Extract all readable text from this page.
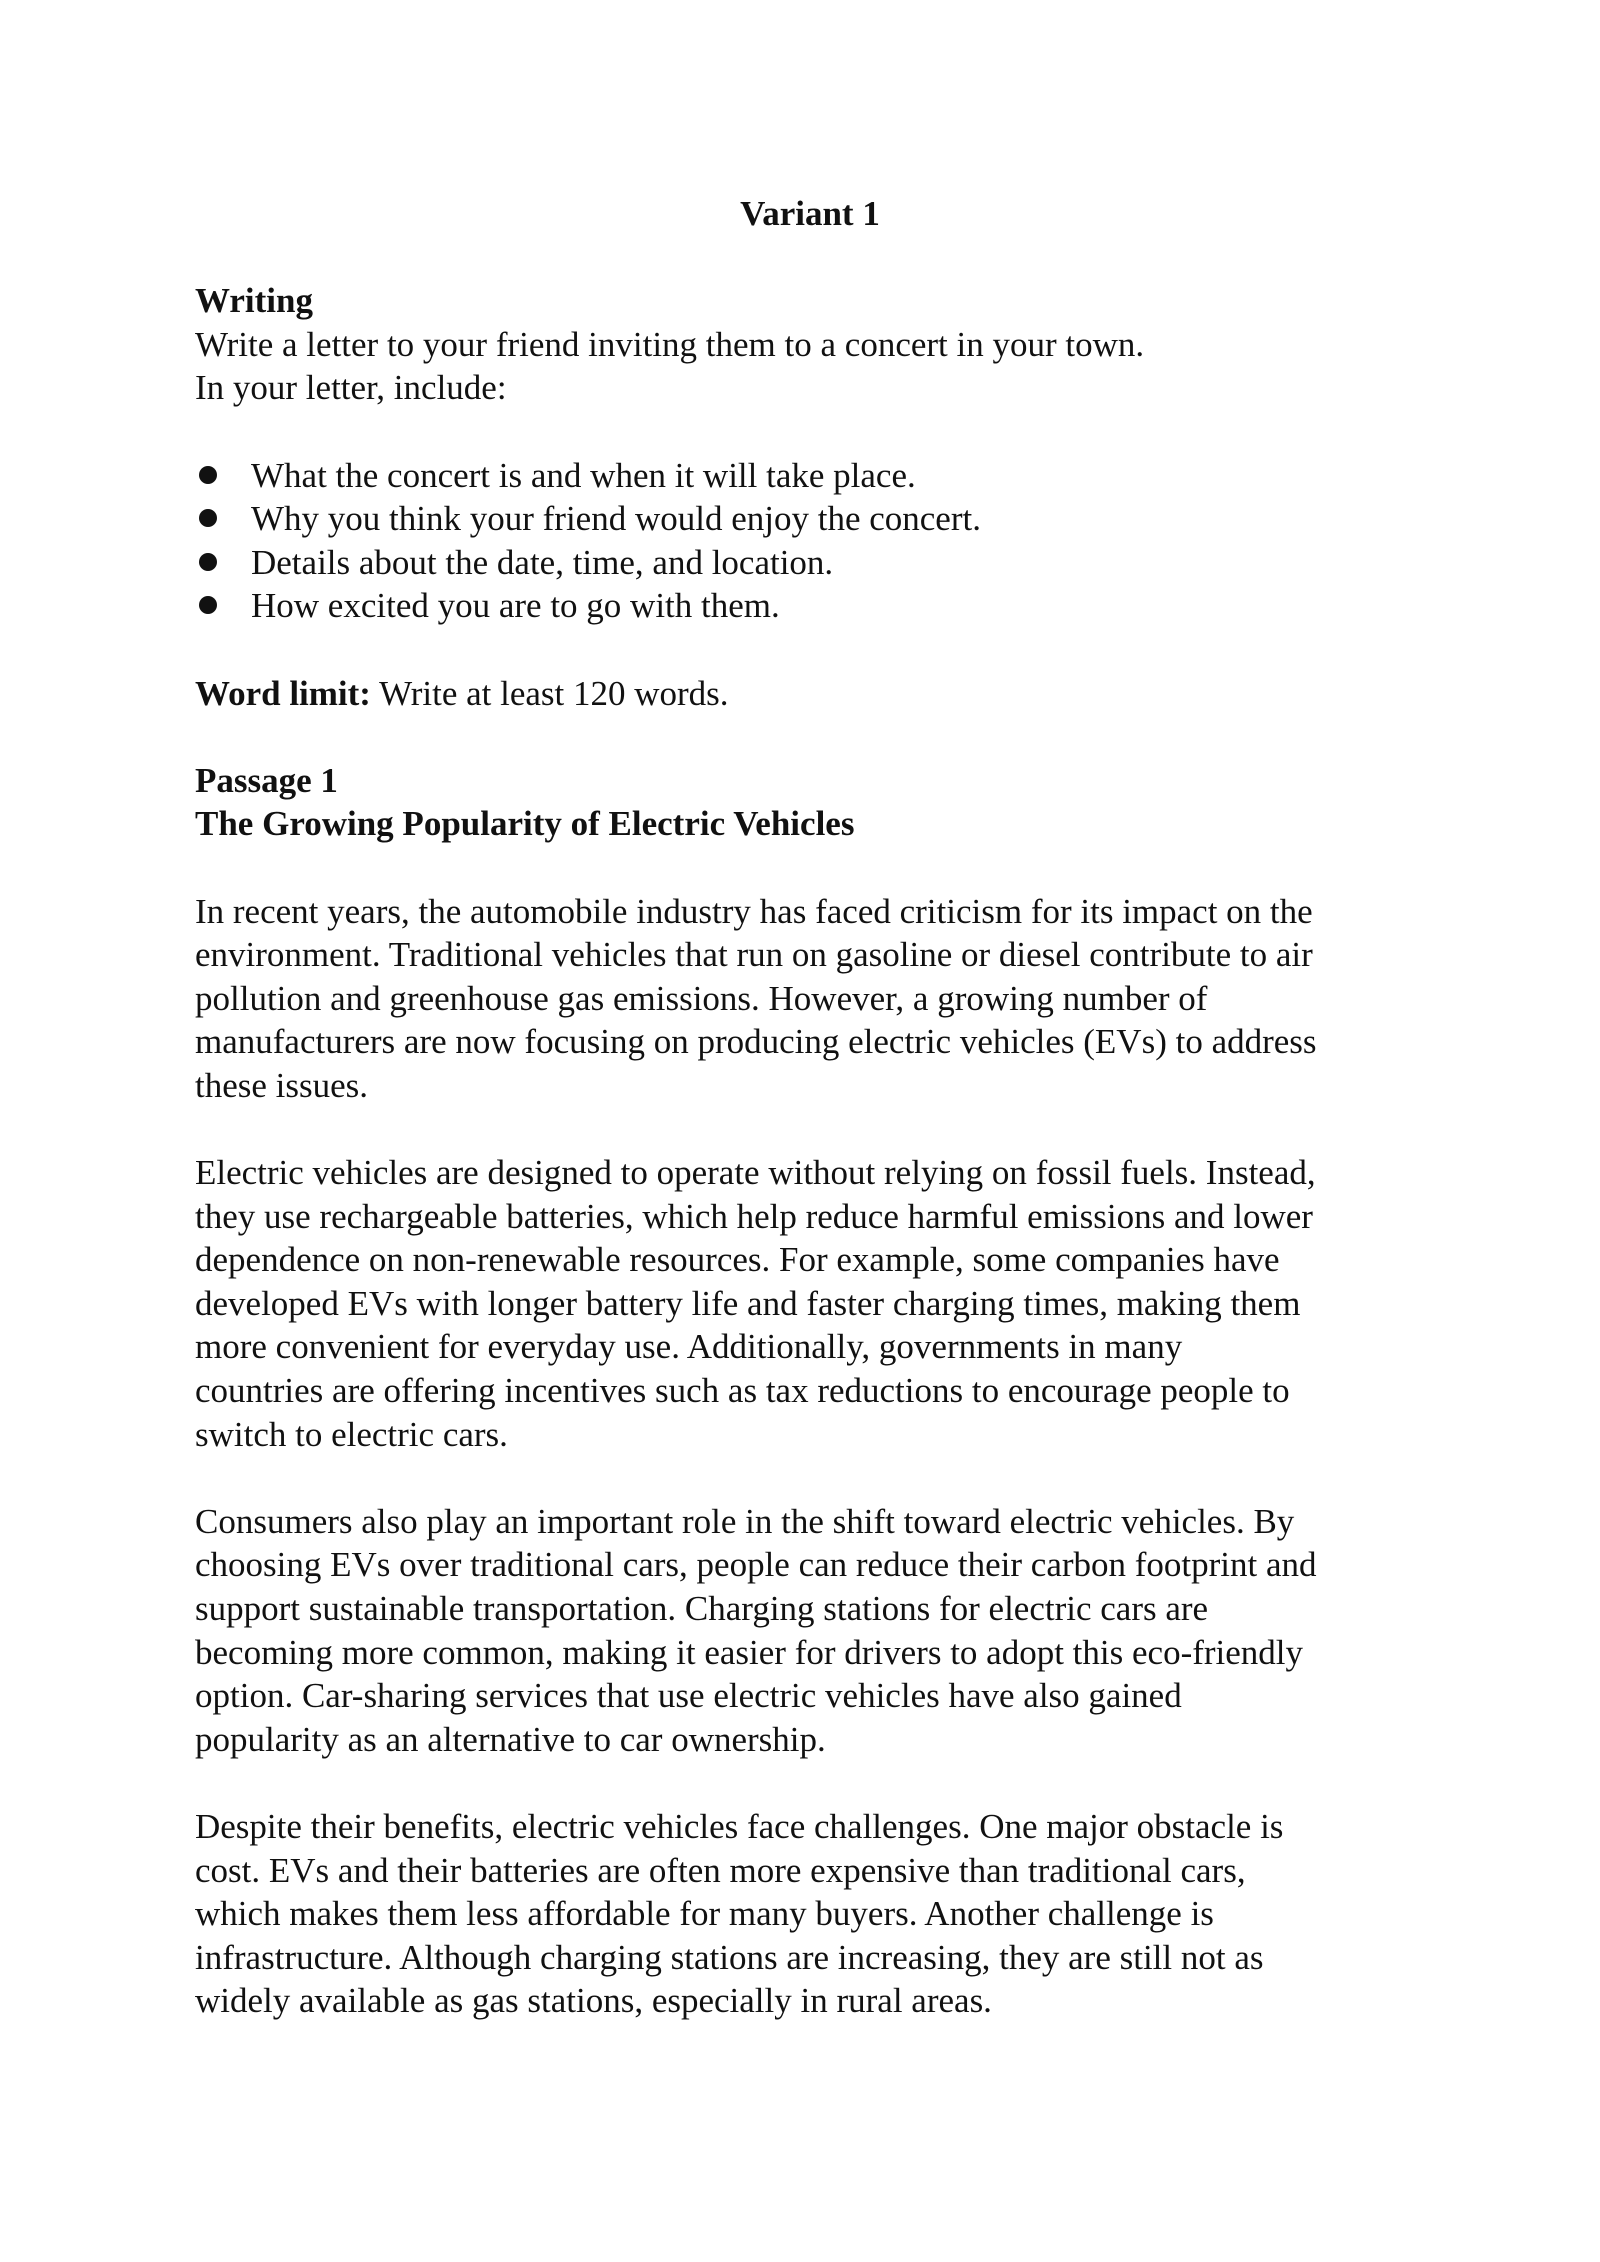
Variant 1

Writing

Write a letter to your friend inviting them to a concert in your town.

In your letter, include:

What the concert is and when it will take place.
Why you think your friend would enjoy the concert.
Details about the date, time, and location.
How excited you are to go with them.

Word limit: Write at least 120 words.

Passage 1

The Growing Popularity of Electric Vehicles

In recent years, the automobile industry has faced criticism for its impact on the

environment. Traditional vehicles that run on gasoline or diesel contribute to air

pollution and greenhouse gas emissions. However, a growing number of

manufacturers are now focusing on producing electric vehicles (EVs) to address

these issues.

Electric vehicles are designed to operate without relying on fossil fuels. Instead,

they use rechargeable batteries, which help reduce harmful emissions and lower

dependence on non-renewable resources. For example, some companies have

developed EVs with longer battery life and faster charging times, making them

more convenient for everyday use. Additionally, governments in many

countries are offering incentives such as tax reductions to encourage people to

switch to electric cars.

Consumers also play an important role in the shift toward electric vehicles. By

choosing EVs over traditional cars, people can reduce their carbon footprint and

support sustainable transportation. Charging stations for electric cars are

becoming more common, making it easier for drivers to adopt this eco-friendly

option. Car-sharing services that use electric vehicles have also gained

popularity as an alternative to car ownership.

Despite their benefits, electric vehicles face challenges. One major obstacle is

cost. EVs and their batteries are often more expensive than traditional cars,

which makes them less affordable for many buyers. Another challenge is

infrastructure. Although charging stations are increasing, they are still not as

widely available as gas stations, especially in rural areas.
